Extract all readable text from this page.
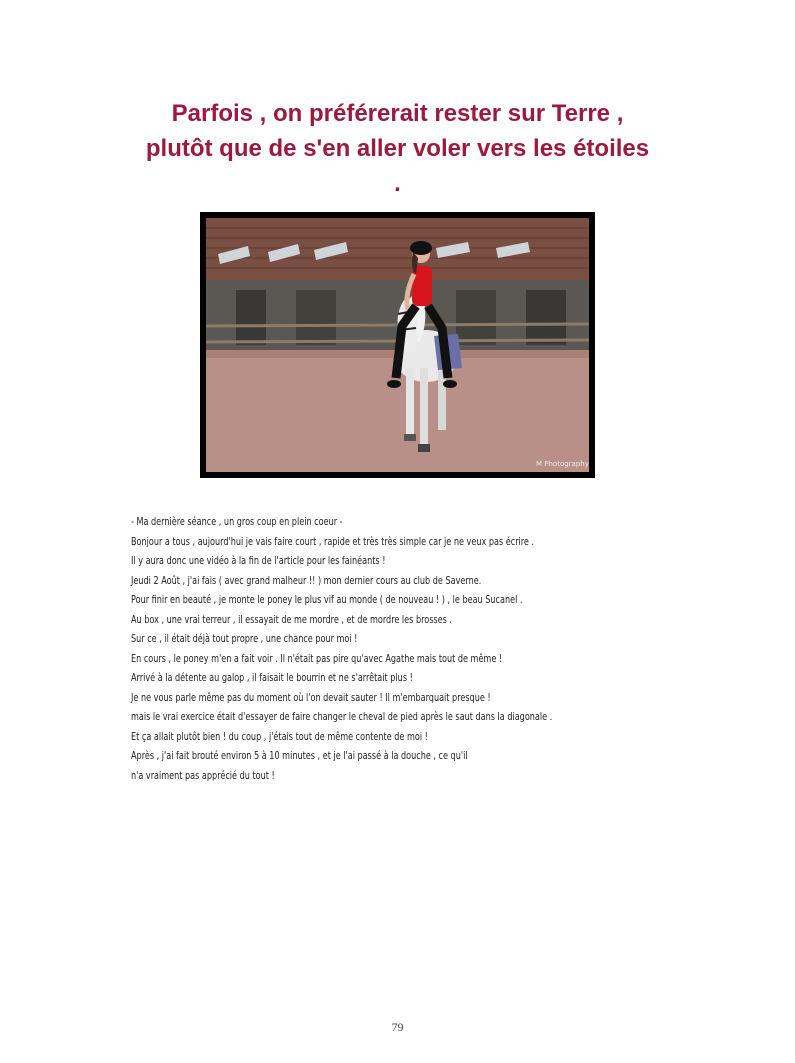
Parfois , on préférerait rester sur Terre ,
plutôt que de s'en aller voler vers les étoiles
.
M Photography
- Ma dernière séance , un gros coup en plein coeur -
Bonjour a tous , aujourd'hui je vais faire court , rapide et très très simple car je ne veux pas écrire .
Il y aura donc une vidéo à la fin de l'article pour les fainéants !
Jeudi 2 Août , j'ai fais ( avec grand malheur !! ) mon dernier cours au club de Saverne.
Pour finir en beauté , je monte le poney le plus vif au monde ( de nouveau ! ) , le beau Sucanel .
Au box , une vrai terreur , il essayait de me mordre , et de mordre les brosses .
Sur ce , il était déjà tout propre , une chance pour moi !
En cours , le poney m'en a fait voir . Il n'était pas pire qu'avec Agathe mais tout de même !
Arrivé à la détente au galop , il faisait le bourrin et ne s'arrêtait plus !
Je ne vous parle même pas du moment où l'on devait sauter ! Il m'embarquait presque !
mais le vrai exercice était d'essayer de faire changer le cheval de pied après le saut dans la diagonale .
Et ça allait plutôt bien ! du coup , j'étais tout de même contente de moi !
Après , j'ai fait brouté environ 5 à 10 minutes , et je l'ai passé à la douche , ce qu'il
n'a vraiment pas apprécié du tout !
79
